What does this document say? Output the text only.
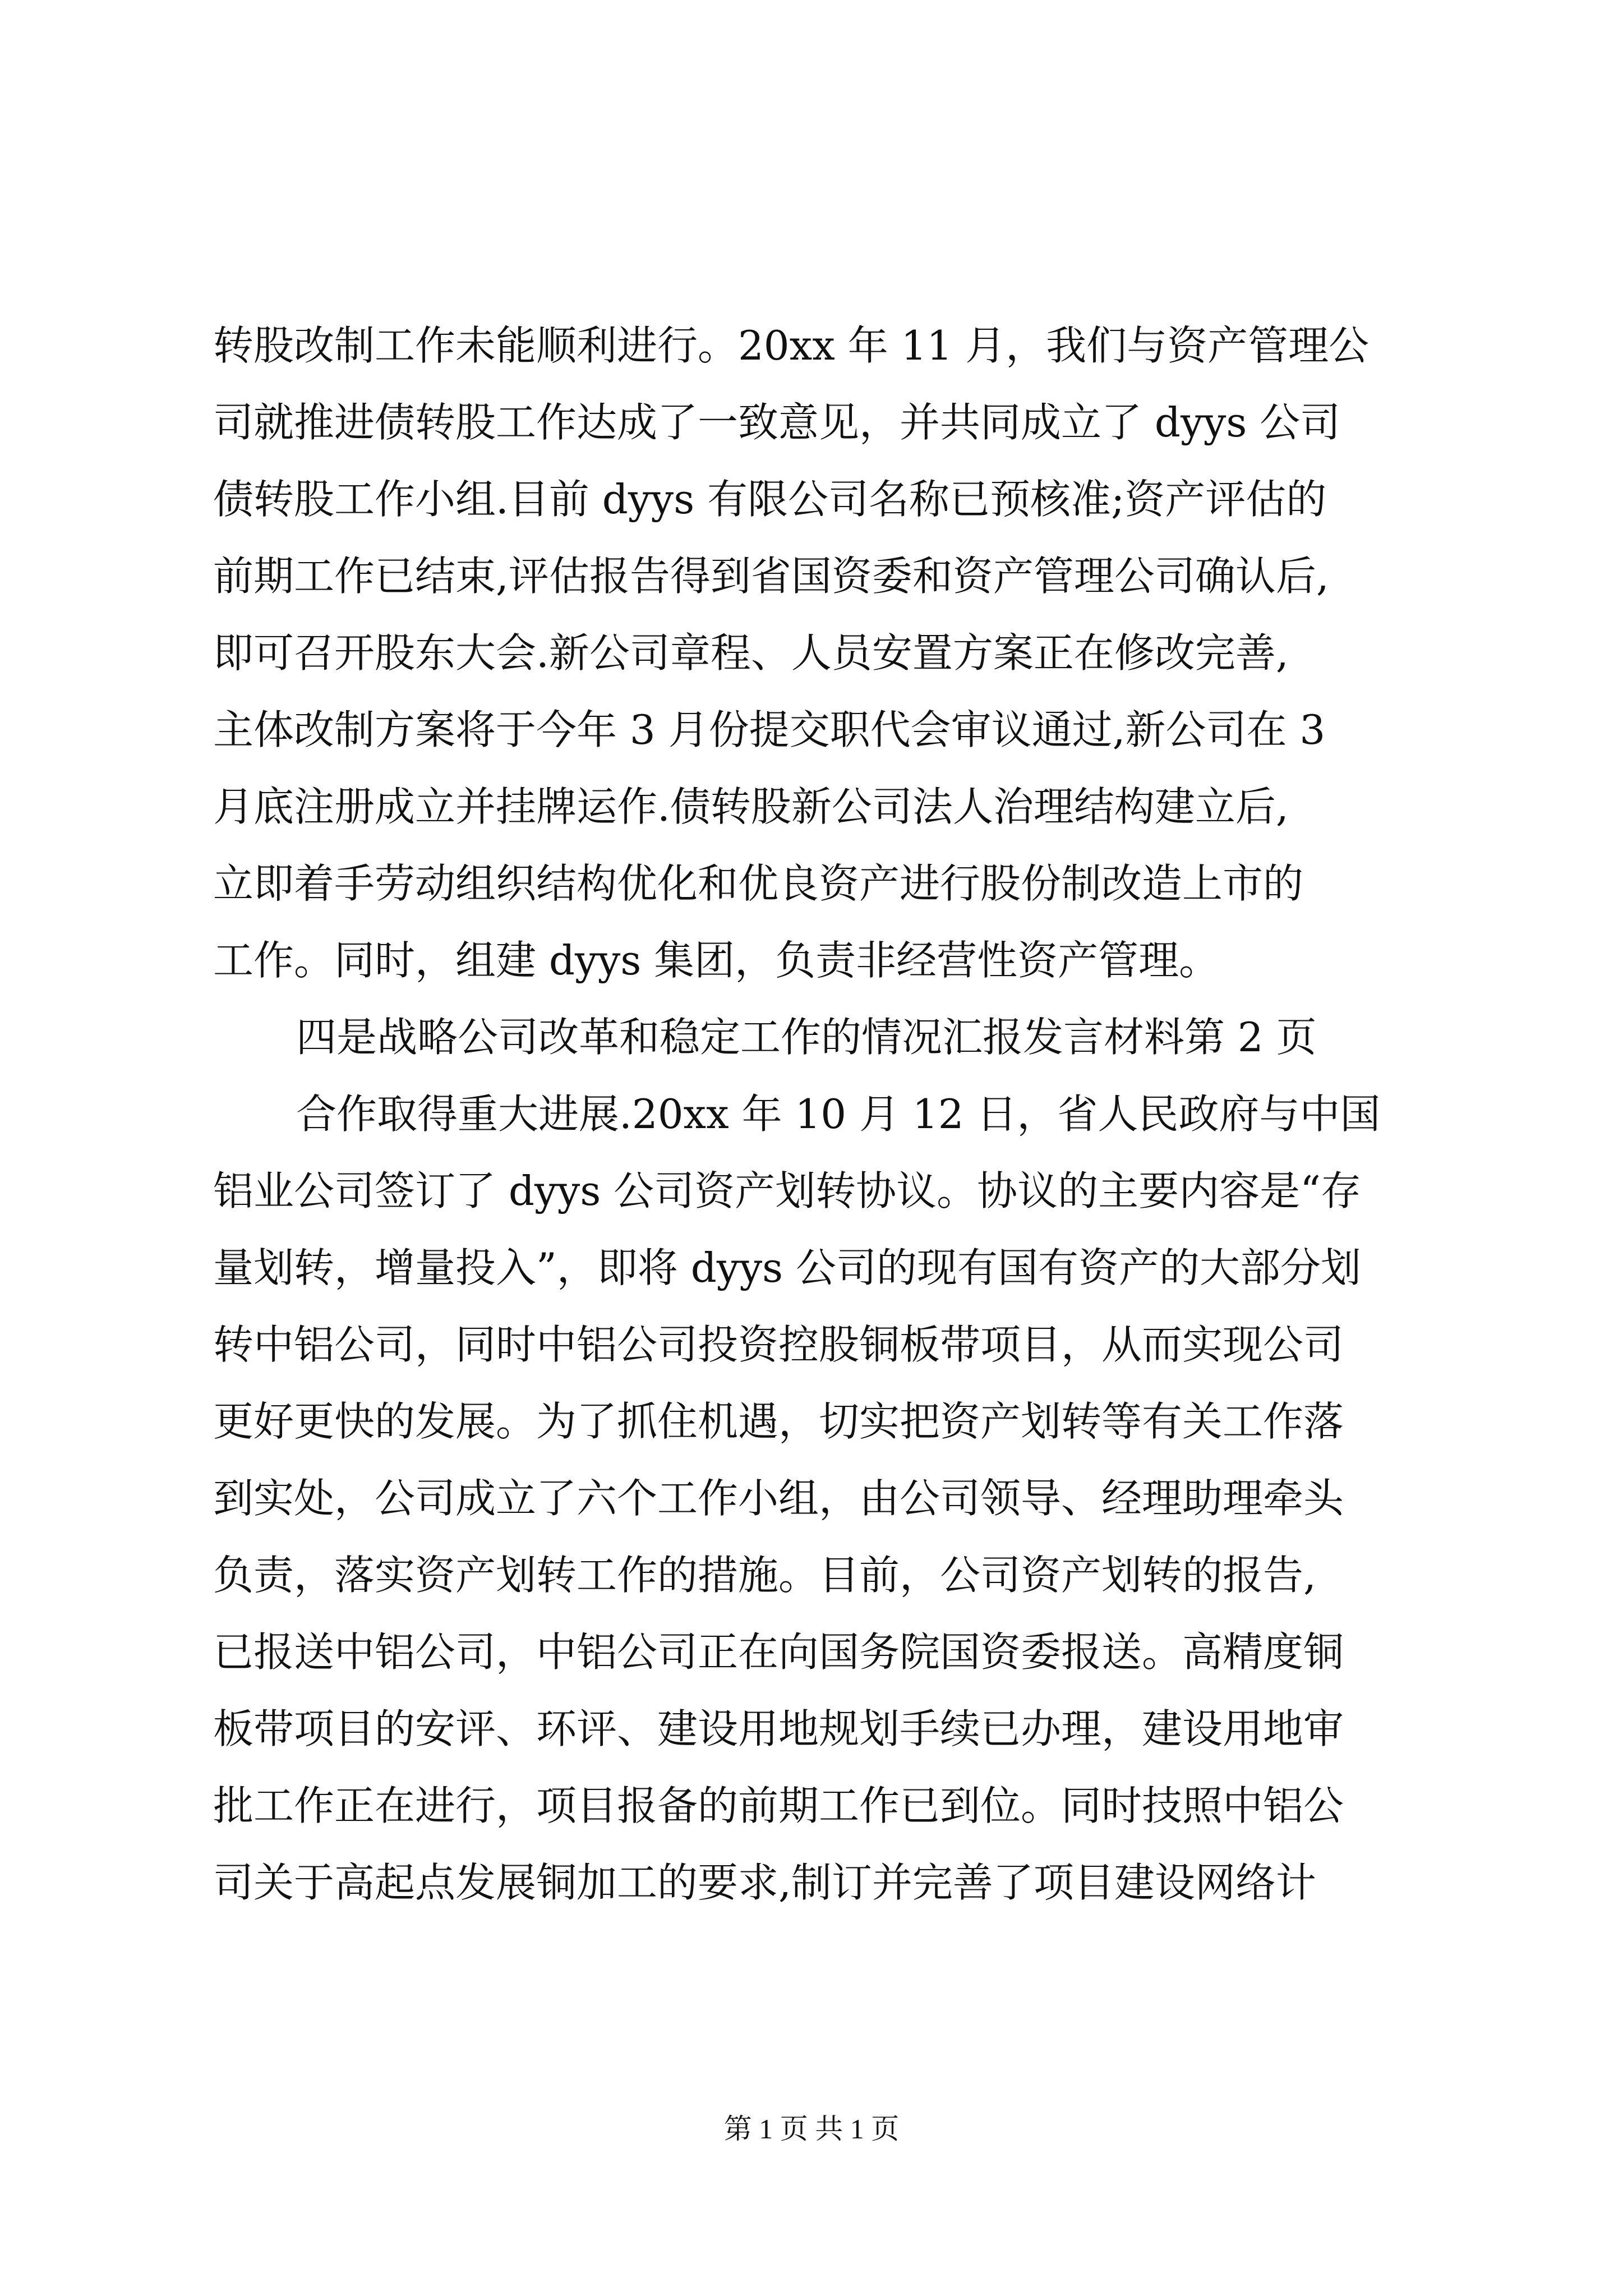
转股改制工作未能顺利进行。20xx 年 11 月，我们与资产管理公
司就推进债转股工作达成了一致意见，并共同成立了 dyys 公司
债转股工作小组.目前 dyys 有限公司名称已预核准;资产评估的
前期工作已结束,评估报告得到省国资委和资产管理公司确认后,
即可召开股东大会.新公司章程、人员安置方案正在修改完善,
主体改制方案将于今年 3 月份提交职代会审议通过,新公司在 3
月底注册成立并挂牌运作.债转股新公司法人治理结构建立后,
立即着手劳动组织结构优化和优良资产进行股份制改造上市的
工作。同时，组建 dyys 集团，负责非经营性资产管理。
四是战略公司改革和稳定工作的情况汇报发言材料第 2 页
合作取得重大进展.20xx 年 10 月 12 日，省人民政府与中国
铝业公司签订了 dyys 公司资产划转协议。协议的主要内容是“存
量划转，增量投入”，即将 dyys 公司的现有国有资产的大部分划
转中铝公司，同时中铝公司投资控股铜板带项目，从而实现公司
更好更快的发展。为了抓住机遇，切实把资产划转等有关工作落
到实处，公司成立了六个工作小组，由公司领导、经理助理牵头
负责，落实资产划转工作的措施。目前，公司资产划转的报告,
已报送中铝公司，中铝公司正在向国务院国资委报送。高精度铜
板带项目的安评、环评、建设用地规划手续已办理，建设用地审
批工作正在进行，项目报备的前期工作已到位。同时技照中铝公
司关于高起点发展铜加工的要求,制订并完善了项目建设网络计
第 1 页 共 1 页
